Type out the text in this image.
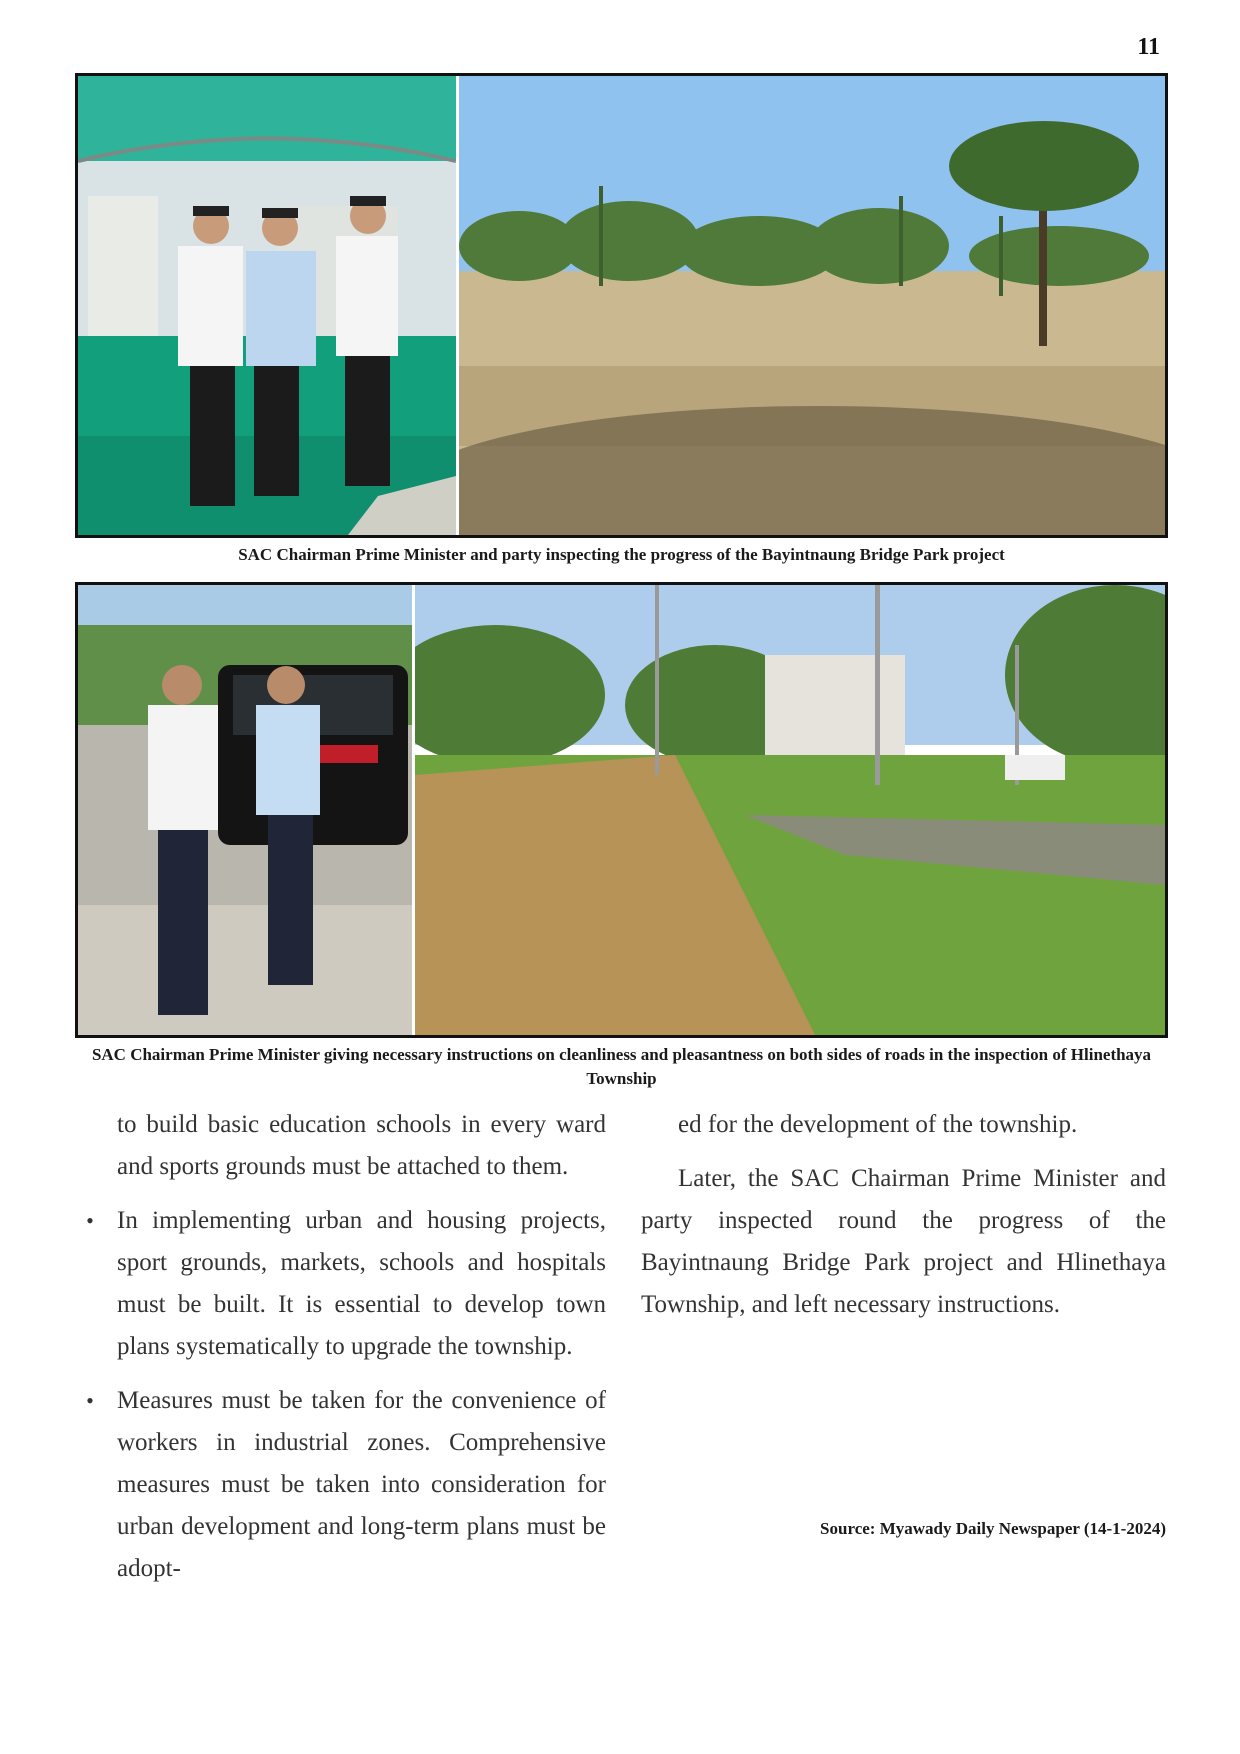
11
SAC Chairman Prime Minister and party inspecting the progress of the Bayintnaung Bridge Park project
SAC Chairman Prime Minister giving necessary instructions on cleanliness and pleasantness on both sides of roads in the inspection of Hlinethaya Township

to build basic education schools in every ward and sports grounds must be attached to them.

• In implementing urban and housing projects, sport grounds, markets, schools and hospitals must be built. It is essential to develop town plans systematically to upgrade the township.
• Measures must be taken for the convenience of workers in industrial zones. Comprehensive measures must be taken into consideration for urban development and long-term plans must be adopt-

ed for the development of the township.

Later, the SAC Chairman Prime Minister and party inspected round the progress of the Bayintnaung Bridge Park project and Hlinethaya Township, and left necessary instructions.

Source: Myawady Daily Newspaper (14-1-2024)
